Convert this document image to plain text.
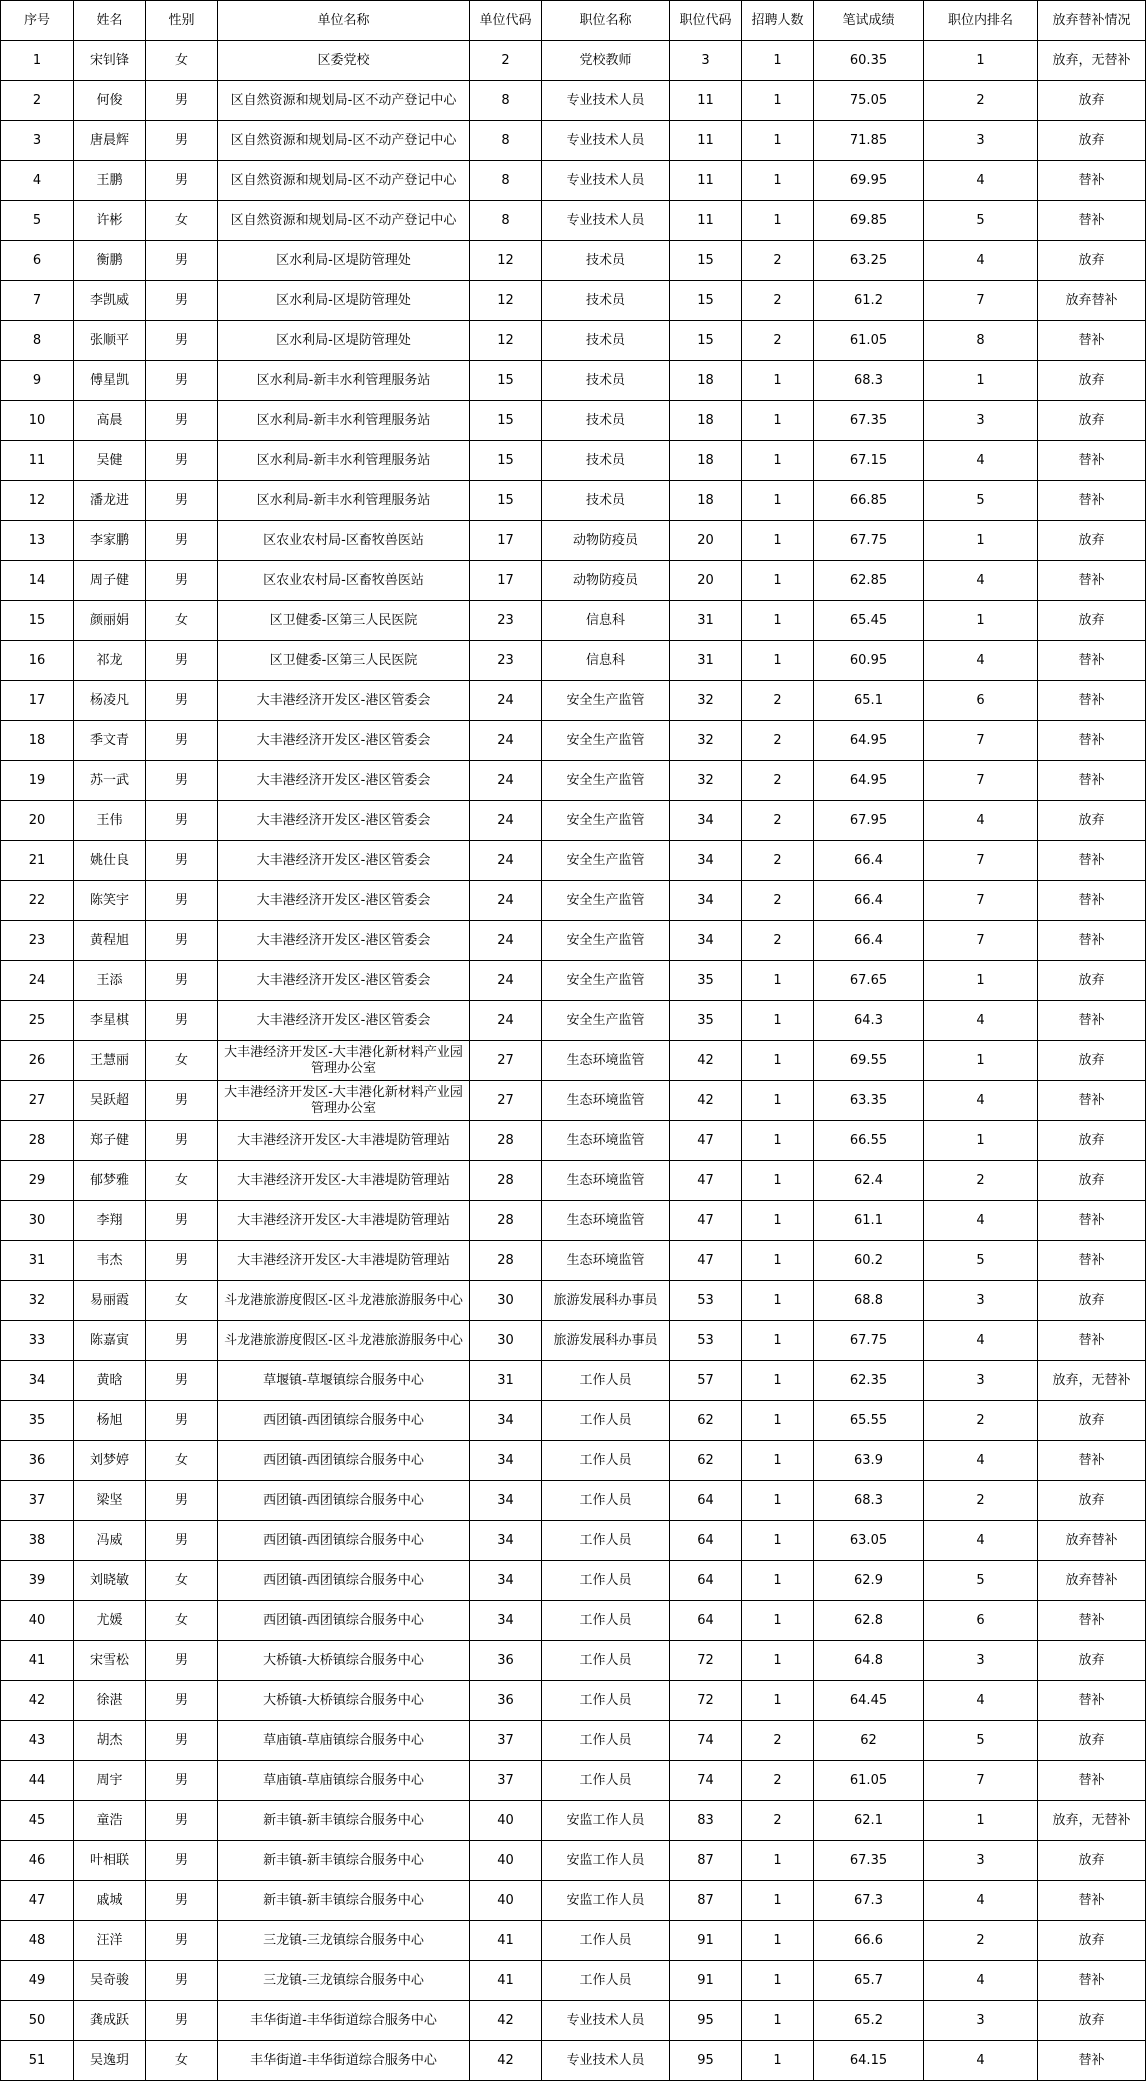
序号	姓名	性别	单位名称	单位代码	职位名称	职位代码	招聘人数	笔试成绩	职位内排名	放弃替补情况
1	宋钊锋	女	区委党校	2	党校教师	3	1	60.35	1	放弃，无替补
2	何俊	男	区自然资源和规划局-区不动产登记中心	8	专业技术人员	11	1	75.05	2	放弃
3	唐晨辉	男	区自然资源和规划局-区不动产登记中心	8	专业技术人员	11	1	71.85	3	放弃
4	王鹏	男	区自然资源和规划局-区不动产登记中心	8	专业技术人员	11	1	69.95	4	替补
5	许彬	女	区自然资源和规划局-区不动产登记中心	8	专业技术人员	11	1	69.85	5	替补
6	衡鹏	男	区水利局-区堤防管理处	12	技术员	15	2	63.25	4	放弃
7	李凯威	男	区水利局-区堤防管理处	12	技术员	15	2	61.2	7	放弃替补
8	张顺平	男	区水利局-区堤防管理处	12	技术员	15	2	61.05	8	替补
9	傅星凯	男	区水利局-新丰水利管理服务站	15	技术员	18	1	68.3	1	放弃
10	高晨	男	区水利局-新丰水利管理服务站	15	技术员	18	1	67.35	3	放弃
11	吴健	男	区水利局-新丰水利管理服务站	15	技术员	18	1	67.15	4	替补
12	潘龙进	男	区水利局-新丰水利管理服务站	15	技术员	18	1	66.85	5	替补
13	李家鹏	男	区农业农村局-区畜牧兽医站	17	动物防疫员	20	1	67.75	1	放弃
14	周子健	男	区农业农村局-区畜牧兽医站	17	动物防疫员	20	1	62.85	4	替补
15	颜丽娟	女	区卫健委-区第三人民医院	23	信息科	31	1	65.45	1	放弃
16	祁龙	男	区卫健委-区第三人民医院	23	信息科	31	1	60.95	4	替补
17	杨凌凡	男	大丰港经济开发区-港区管委会	24	安全生产监管	32	2	65.1	6	替补
18	季文青	男	大丰港经济开发区-港区管委会	24	安全生产监管	32	2	64.95	7	替补
19	苏一武	男	大丰港经济开发区-港区管委会	24	安全生产监管	32	2	64.95	7	替补
20	王伟	男	大丰港经济开发区-港区管委会	24	安全生产监管	34	2	67.95	4	放弃
21	姚仕良	男	大丰港经济开发区-港区管委会	24	安全生产监管	34	2	66.4	7	替补
22	陈笑宇	男	大丰港经济开发区-港区管委会	24	安全生产监管	34	2	66.4	7	替补
23	黄程旭	男	大丰港经济开发区-港区管委会	24	安全生产监管	34	2	66.4	7	替补
24	王添	男	大丰港经济开发区-港区管委会	24	安全生产监管	35	1	67.65	1	放弃
25	李星棋	男	大丰港经济开发区-港区管委会	24	安全生产监管	35	1	64.3	4	替补
26	王慧丽	女	大丰港经济开发区-大丰港化新材料产业园管理办公室	27	生态环境监管	42	1	69.55	1	放弃
27	吴跃超	男	大丰港经济开发区-大丰港化新材料产业园管理办公室	27	生态环境监管	42	1	63.35	4	替补
28	郑子健	男	大丰港经济开发区-大丰港堤防管理站	28	生态环境监管	47	1	66.55	1	放弃
29	郁梦雅	女	大丰港经济开发区-大丰港堤防管理站	28	生态环境监管	47	1	62.4	2	放弃
30	李翔	男	大丰港经济开发区-大丰港堤防管理站	28	生态环境监管	47	1	61.1	4	替补
31	韦杰	男	大丰港经济开发区-大丰港堤防管理站	28	生态环境监管	47	1	60.2	5	替补
32	易丽霞	女	斗龙港旅游度假区-区斗龙港旅游服务中心	30	旅游发展科办事员	53	1	68.8	3	放弃
33	陈嘉寅	男	斗龙港旅游度假区-区斗龙港旅游服务中心	30	旅游发展科办事员	53	1	67.75	4	替补
34	黄晗	男	草堰镇-草堰镇综合服务中心	31	工作人员	57	1	62.35	3	放弃，无替补
35	杨旭	男	西团镇-西团镇综合服务中心	34	工作人员	62	1	65.55	2	放弃
36	刘梦婷	女	西团镇-西团镇综合服务中心	34	工作人员	62	1	63.9	4	替补
37	梁坚	男	西团镇-西团镇综合服务中心	34	工作人员	64	1	68.3	2	放弃
38	冯威	男	西团镇-西团镇综合服务中心	34	工作人员	64	1	63.05	4	放弃替补
39	刘晓敏	女	西团镇-西团镇综合服务中心	34	工作人员	64	1	62.9	5	放弃替补
40	尤媛	女	西团镇-西团镇综合服务中心	34	工作人员	64	1	62.8	6	替补
41	宋雪松	男	大桥镇-大桥镇综合服务中心	36	工作人员	72	1	64.8	3	放弃
42	徐湛	男	大桥镇-大桥镇综合服务中心	36	工作人员	72	1	64.45	4	替补
43	胡杰	男	草庙镇-草庙镇综合服务中心	37	工作人员	74	2	62	5	放弃
44	周宇	男	草庙镇-草庙镇综合服务中心	37	工作人员	74	2	61.05	7	替补
45	童浩	男	新丰镇-新丰镇综合服务中心	40	安监工作人员	83	2	62.1	1	放弃，无替补
46	叶相联	男	新丰镇-新丰镇综合服务中心	40	安监工作人员	87	1	67.35	3	放弃
47	戚城	男	新丰镇-新丰镇综合服务中心	40	安监工作人员	87	1	67.3	4	替补
48	汪洋	男	三龙镇-三龙镇综合服务中心	41	工作人员	91	1	66.6	2	放弃
49	吴奇骏	男	三龙镇-三龙镇综合服务中心	41	工作人员	91	1	65.7	4	替补
50	龚成跃	男	丰华街道-丰华街道综合服务中心	42	专业技术人员	95	1	65.2	3	放弃
51	吴逸玥	女	丰华街道-丰华街道综合服务中心	42	专业技术人员	95	1	64.15	4	替补
